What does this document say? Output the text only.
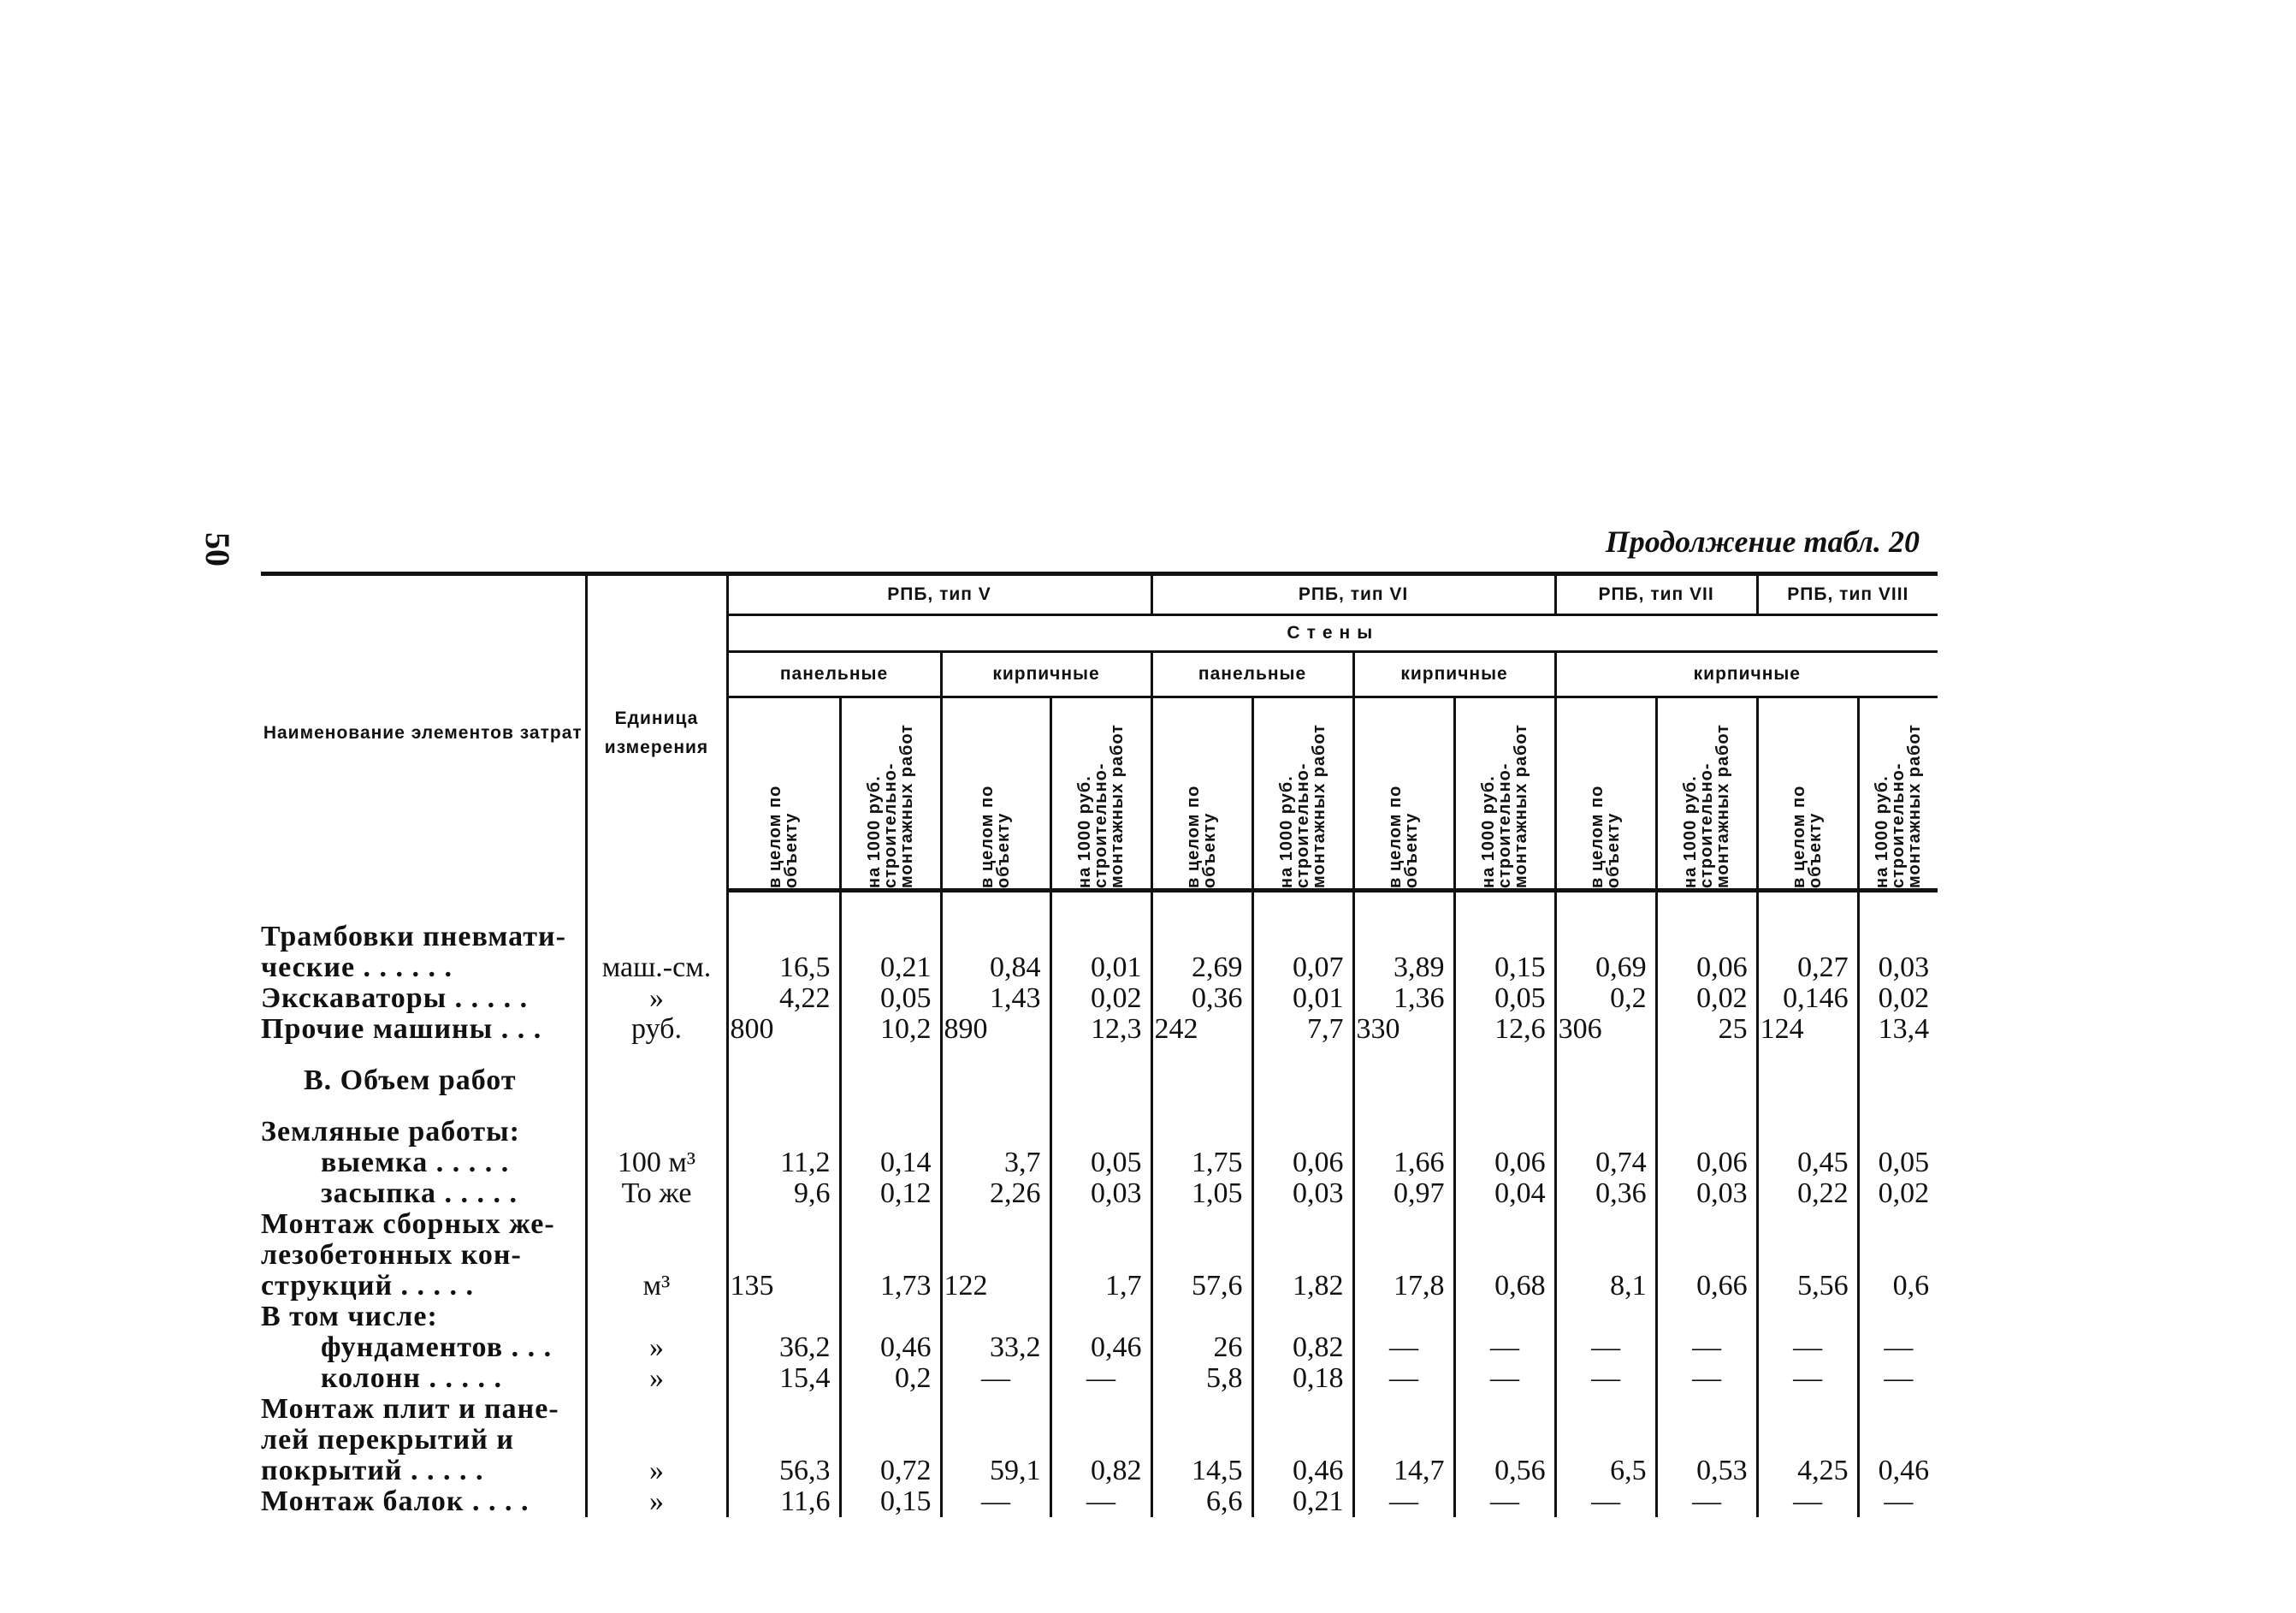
50	Продолжение табл. 20
Наименование элементов затрат	Единица измерения	РПБ, тип V				РПБ, тип VI				РПБ, тип VII		РПБ, тип VIII	
		Стены											
		панельные		кирпичные		панельные		кирпичные		кирпичные			

		в целом по объекту	на 1000 руб. строительно-монтажных работ	в целом по объекту	на 1000 руб. строительно-монтажных работ	в целом по объекту	на 1000 руб. строительно-монтажных работ	в целом по объекту	на 1000 руб. строительно-монтажных работ	в целом по объекту	на 1000 руб. строительно-монтажных работ	в целом по объекту	на 1000 руб. строительно-монтажных работ

Трамбовки пневмати-													
ческие . . . . . .	маш.-см.	16,5	0,21	0,84	0,01	2,69	0,07	3,89	0,15	0,69	0,06	0,27	0,03
Экскаваторы . . . . .	»	4,22	0,05	1,43	0,02	0,36	0,01	1,36	0,05	0,2	0,02	0,146	0,02
Прочие машины . . .	руб.	800	10,2	890	12,3	242	7,7	330	12,6	306	25	124	13,4

В. Объем работ													

Земляные работы:													
выемка . . . . .	100 м³	11,2	0,14	3,7	0,05	1,75	0,06	1,66	0,06	0,74	0,06	0,45	0,05
засыпка . . . . .	То же	9,6	0,12	2,26	0,03	1,05	0,03	0,97	0,04	0,36	0,03	0,22	0,02
Монтаж сборных же-													
лезобетонных кон-													
струкций . . . . .	м³	135	1,73	122	1,7	57,6	1,82	17,8	0,68	8,1	0,66	5,56	0,6
В том числе:													
фундаментов . . .	»	36,2	0,46	33,2	0,46	26	0,82	—	—	—	—	—	—
колонн . . . . .	»	15,4	0,2	—	—	5,8	0,18	—	—	—	—	—	—
Монтаж плит и пане-													
лей перекрытий и													
покрытий . . . . .	»	56,3	0,72	59,1	0,82	14,5	0,46	14,7	0,56	6,5	0,53	4,25	0,46
Монтаж балок . . . .	»	11,6	0,15	—	—	6,6	0,21	—	—	—	—	—	—
